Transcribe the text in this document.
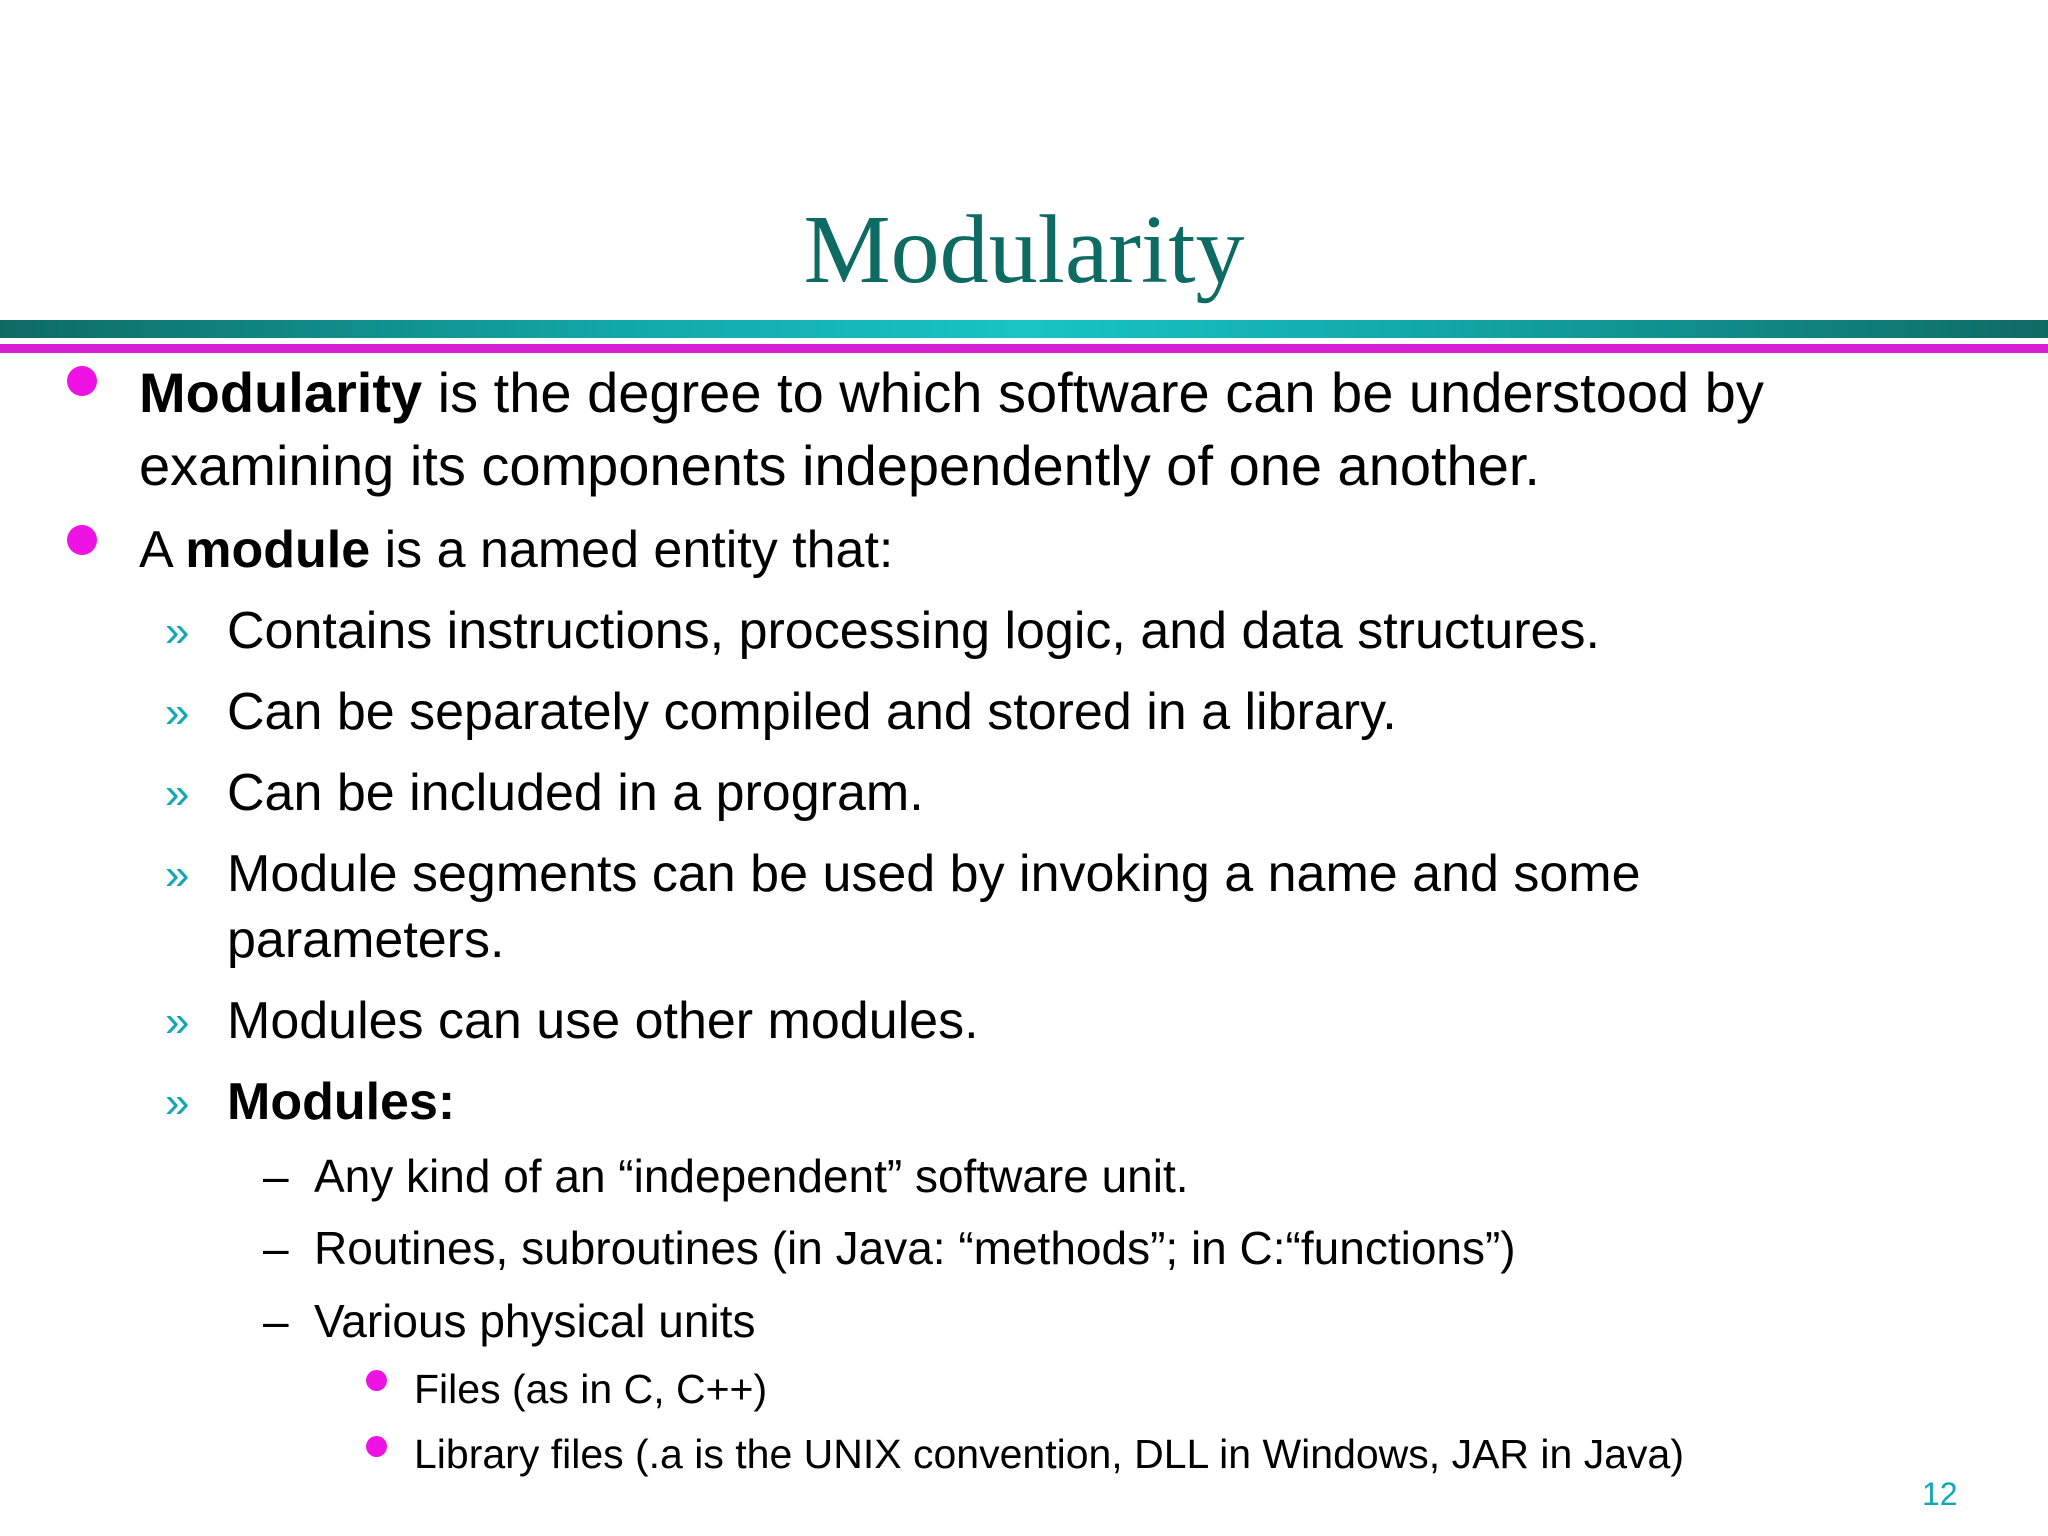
Modularity
Modularity is the degree to which software can be understood by
examining its components independently of one another.
A module is a named entity that:
» Contains instructions, processing logic, and data structures.
» Can be separately compiled and stored in a library.
» Can be included in a program.
» Module segments can be used by invoking a name and some
parameters.
» Modules can use other modules.
» Modules:
– Any kind of an “independent” software unit.
– Routines, subroutines (in Java: “methods”; in C:“functions”)
– Various physical units
Files (as in C, C++)
Library files (.a is the UNIX convention, DLL in Windows, JAR in Java)
12
